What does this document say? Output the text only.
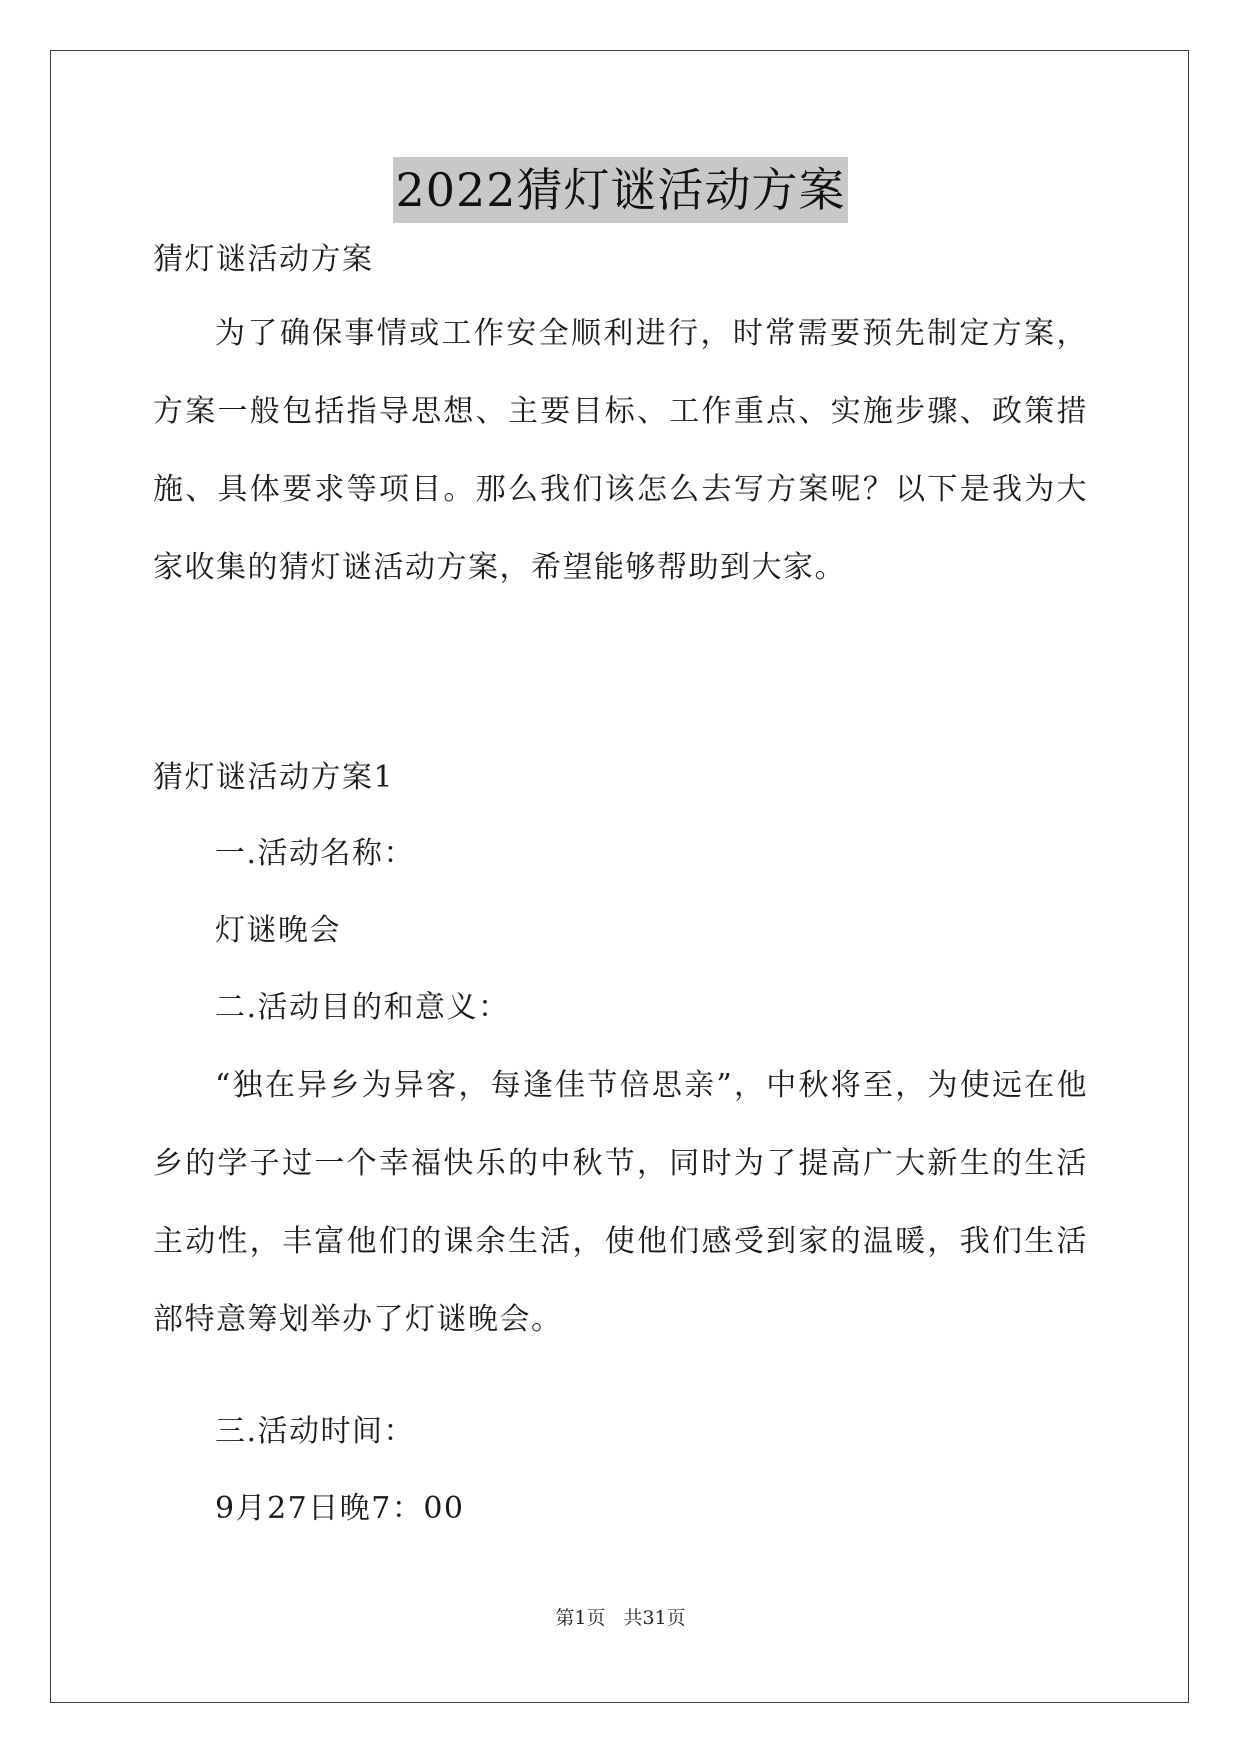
2022猜灯谜活动方案

猜灯谜活动方案

为了确保事情或工作安全顺利进行，时常需要预先制定方案，方案一般包括指导思想、主要目标、工作重点、实施步骤、政策措施、具体要求等项目。那么我们该怎么去写方案呢？以下是我为大家收集的猜灯谜活动方案，希望能够帮助到大家。

猜灯谜活动方案1

一.活动名称：

灯谜晚会

二.活动目的和意义：

“独在异乡为异客，每逢佳节倍思亲”，中秋将至，为使远在他乡的学子过一个幸福快乐的中秋节，同时为了提高广大新生的生活主动性，丰富他们的课余生活，使他们感受到家的温暖，我们生活部特意筹划举办了灯谜晚会。

三.活动时间：

9月27日晚7：00

第1页 共31页
